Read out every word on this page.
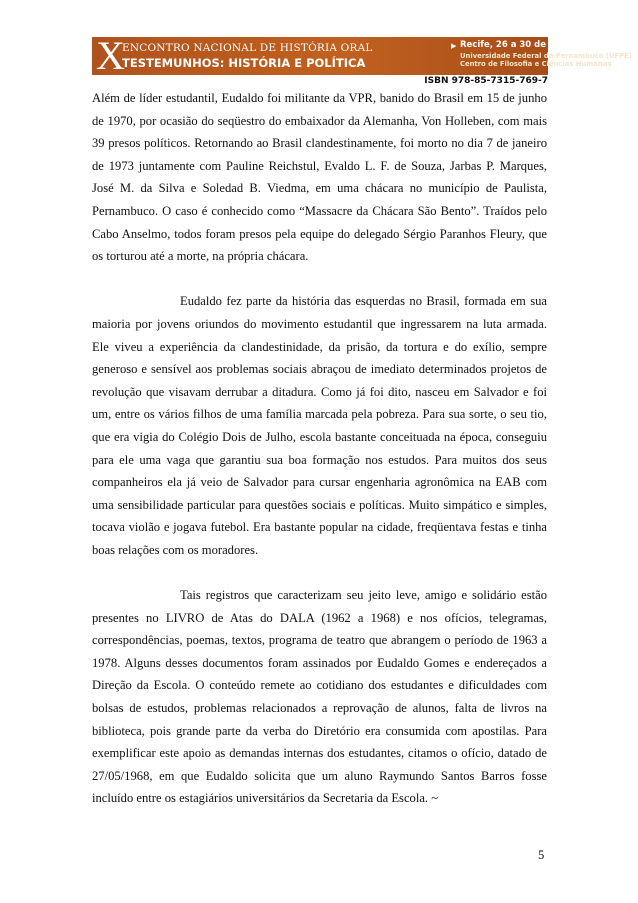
X
ENCONTRO NACIONAL DE HISTÓRIA ORAL
TESTEMUNHOS: HISTÓRIA E POLÍTICA
▶ Recife, 26 a 30 de abril de 2010.
Universidade Federal de Pernambuco (UFPE)
Centro de Filosofia e Ciências Humanas
ISBN 978-85-7315-769-7

Além de líder estudantil, Eudaldo foi militante da VPR, banido do Brasil em 15 de junho de 1970, por ocasião do seqüestro do embaixador da Alemanha, Von Holleben, com mais 39 presos políticos. Retornando ao Brasil clandestinamente, foi morto no dia 7 de janeiro de 1973 juntamente com Pauline Reichstul, Evaldo L. F. de Souza, Jarbas P. Marques, José M. da Silva e Soledad B. Viedma, em uma chácara no município de Paulista, Pernambuco. O caso é conhecido como “Massacre da Chácara São Bento”. Traídos pelo Cabo Anselmo, todos foram presos pela equipe do delegado Sérgio Paranhos Fleury, que os torturou até a morte, na própria chácara.

Eudaldo fez parte da história das esquerdas no Brasil, formada em sua maioria por jovens oriundos do movimento estudantil que ingressarem na luta armada. Ele viveu a experiência da clandestinidade, da prisão, da tortura e do exílio, sempre generoso e sensível aos problemas sociais abraçou de imediato determinados projetos de revolução que visavam derrubar a ditadura. Como já foi dito, nasceu em Salvador e foi um, entre os vários filhos de uma família marcada pela pobreza. Para sua sorte, o seu tio, que era vigia do Colégio Dois de Julho, escola bastante conceituada na época, conseguiu para ele uma vaga que garantiu sua boa formação nos estudos. Para muitos dos seus companheiros ela já veio de Salvador para cursar engenharia agronômica na EAB com uma sensibilidade particular para questões sociais e políticas. Muito simpático e simples, tocava violão e jogava futebol. Era bastante popular na cidade, freqüentava festas e tinha boas relações com os moradores.

Tais registros que caracterizam seu jeito leve, amigo e solidário estão presentes no LIVRO de Atas do DALA (1962 a 1968) e nos ofícios, telegramas, correspondências, poemas, textos, programa de teatro que abrangem o período de 1963 a 1978. Alguns desses documentos foram assinados por Eudaldo Gomes e endereçados a Direção da Escola. O conteúdo remete ao cotidiano dos estudantes e dificuldades com bolsas de estudos, problemas relacionados a reprovação de alunos, falta de livros na biblioteca, pois grande parte da verba do Diretório era consumida com apostilas. Para exemplificar este apoio as demandas internas dos estudantes, citamos o ofício, datado de 27/05/1968, em que Eudaldo solicita que um aluno Raymundo Santos Barros fosse incluído entre os estagiários universitários da Secretaria da Escola. ~

5
